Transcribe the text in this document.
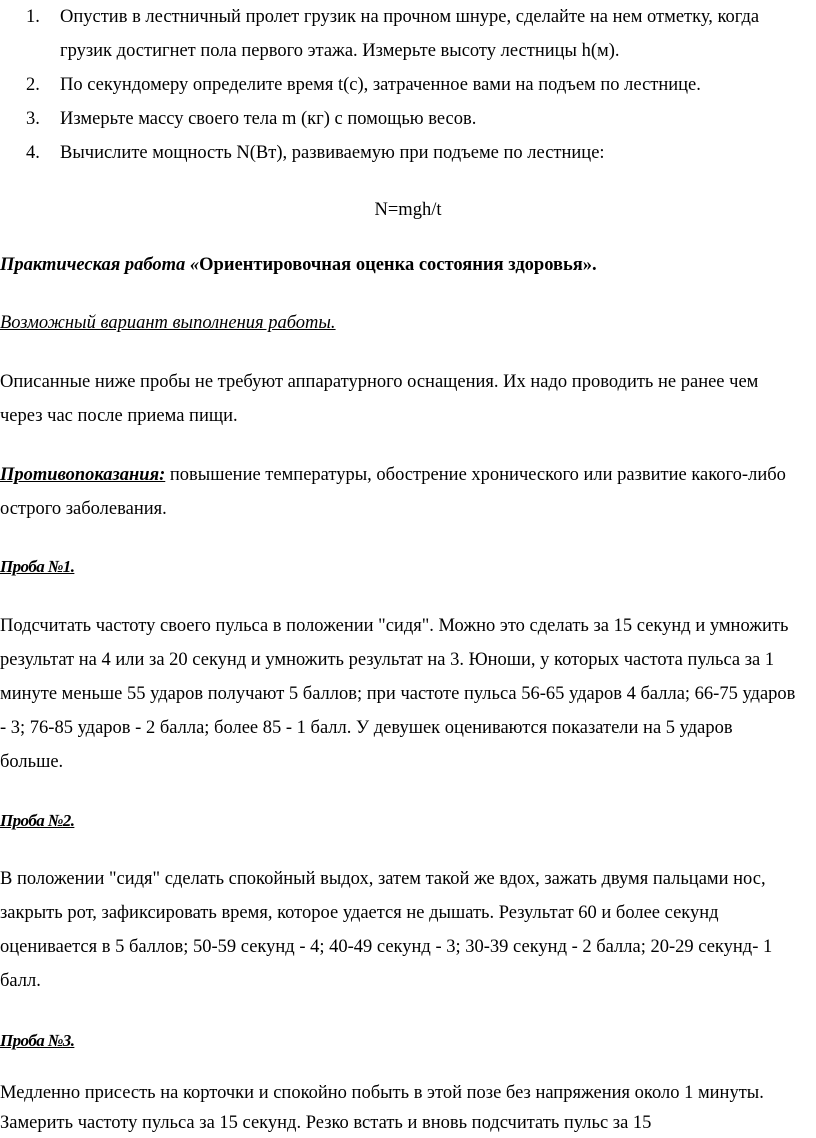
1. Опустив в лестничный пролет грузик на прочном шнуре, сделайте на нем отметку, когда грузик достигнет пола первого этажа. Измерьте высоту лестницы h(м).
2. По секундомеру определите время t(с), затраченное вами на подъем по лестнице.
3. Измерьте массу своего тела m (кг) с помощью весов.
4. Вычислите мощность N(Вт), развиваемую при подъеме по лестнице:
N=mgh/t
Практическая работа «Ориентировочная оценка состояния здоровья».
Возможный вариант выполнения работы.
Описанные ниже пробы не требуют аппаратурного оснащения. Их надо проводить не ранее чем через час после приема пищи.
Противопоказания: повышение температуры, обострение хронического или развитие какого-либо острого заболевания.
Проба №1.
Подсчитать частоту своего пульса в положении "сидя". Можно это сделать за 15 секунд и умножить результат на 4 или за 20 секунд и умножить результат на 3. Юноши, у которых частота пульса за 1 минуте меньше 55 ударов получают 5 баллов; при частоте пульса 56-65 ударов 4 балла; 66-75 ударов - 3; 76-85 ударов - 2 балла; более 85 - 1 балл. У девушек оцениваются показатели на 5 ударов больше.
Проба №2.
В положении "сидя" сделать спокойный выдох, затем такой же вдох, зажать двумя пальцами нос, закрыть рот, зафиксировать время, которое удается не дышать. Результат 60 и более секунд оценивается в 5 баллов; 50-59 секунд - 4; 40-49 секунд - 3; 30-39 секунд - 2 балла; 20-29 секунд- 1 балл.
Проба №3.
Медленно присесть на корточки и спокойно побыть в этой позе без напряжения около 1 минуты. Замерить частоту пульса за 15 секунд. Резко встать и вновь подсчитать пульс за 15
